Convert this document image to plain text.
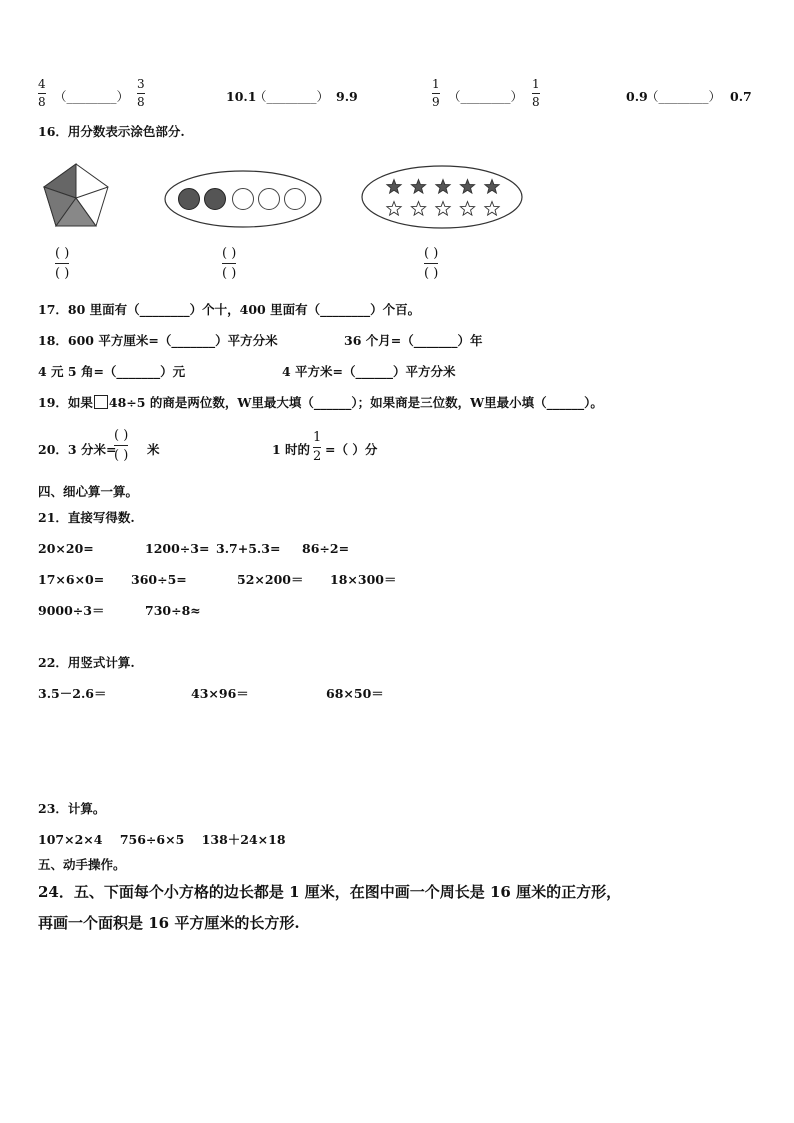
4
8 （________）
3
8	10.1
（________） 9.9
1
9 （________）
1
8	0.9
（________） 0.7
16．用分数表示涂色部分.
( )
( )
( )
( )
( )
( )
17．80 里面有（________）个十，400 里面有（________）个百。
18．600 平方厘米=（_______）平方分米	36 个月=（_______）年
4 元 5 角=（_______）元	4 平方米=（______）平方分米
19．如果 48÷5 的商是两位数，W里最大填（______）；如果商是三位数，W里最小填（______）。
20．3 分米=
( )
( ) 米	1 时的
1
2 =（ ）分
四、细心算一算。
21．直接写得数.
20×20=	1200÷3= 3.7+5.3= 86÷2=
17×6×0= 360÷5=	52×200＝ 18×300＝
9000÷3＝	730÷8≈
22．用竖式计算.
3.5－2.6＝	43×96＝	68×50＝
23．计算。
107×2×4    756÷6×5    138＋24×18
五、动手操作。
24．五、下面每个小方格的边长都是 1 厘米，在图中画一个周长是 16 厘米的正方形，
再画一个面积是 16 平方厘米的长方形.
